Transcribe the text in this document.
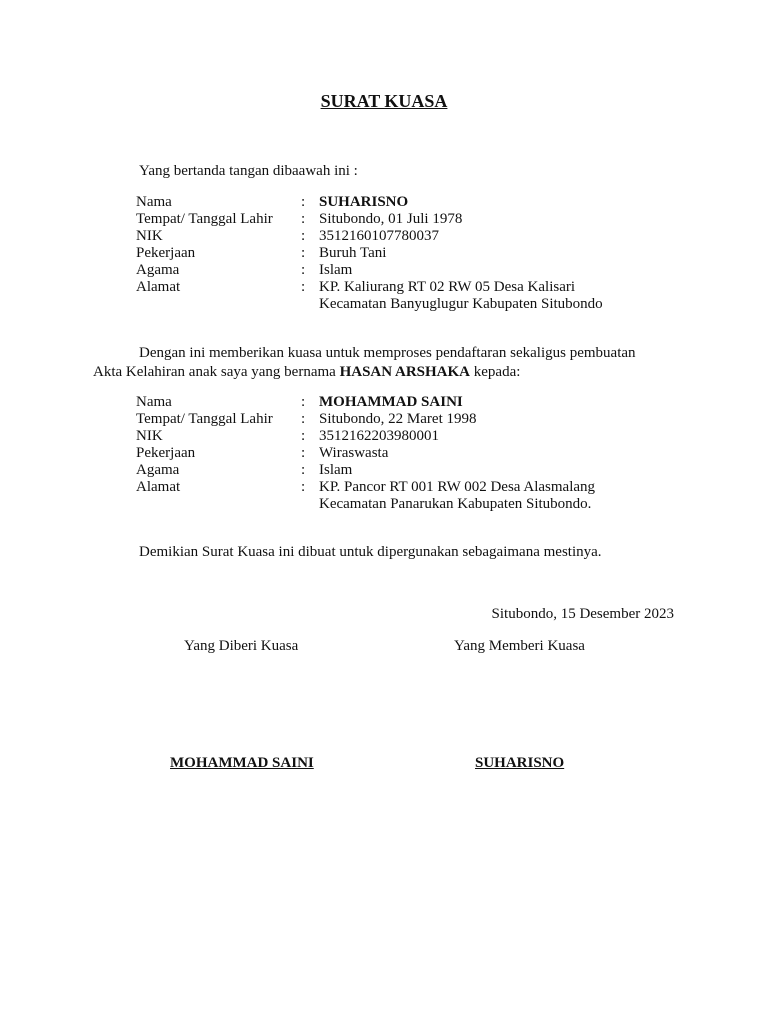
SURAT KUASA
Yang bertanda tangan dibaawah ini :
Nama	: SUHARISNO
Tempat/ Tanggal Lahir : Situbondo, 01 Juli 1978
NIK	: 3512160107780037
Pekerjaan	: Buruh Tani
Agama	: Islam
Alamat	: KP. Kaliurang RT 02 RW 05 Desa Kalisari
Kecamatan Banyuglugur Kabupaten Situbondo
Dengan ini memberikan kuasa untuk memproses pendaftaran sekaligus pembuatan
Akta Kelahiran anak saya yang bernama HASAN ARSHAKA kepada:
Nama	: MOHAMMAD SAINI
Tempat/ Tanggal Lahir : Situbondo, 22 Maret 1998
NIK	: 3512162203980001
Pekerjaan	: Wiraswasta
Agama	: Islam
Alamat	: KP. Pancor RT 001 RW 002 Desa Alasmalang
Kecamatan Panarukan Kabupaten Situbondo.
Demikian Surat Kuasa ini dibuat untuk dipergunakan sebagaimana mestinya.
Situbondo, 15 Desember 2023
Yang Diberi Kuasa	Yang Memberi Kuasa
MOHAMMAD SAINI	SUHARISNO
